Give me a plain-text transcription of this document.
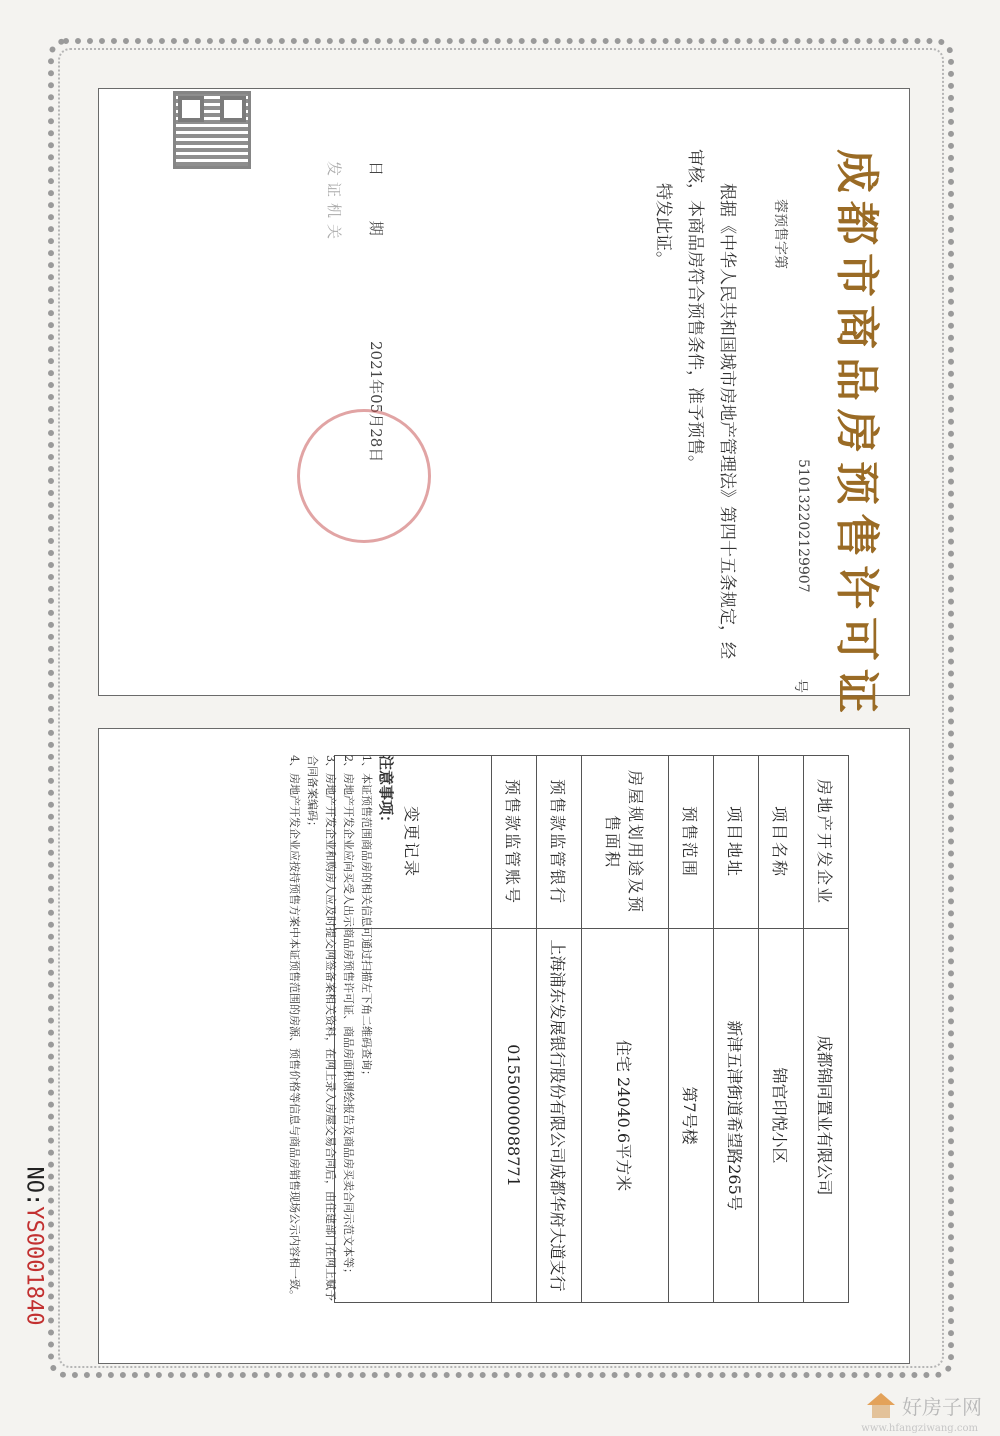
成都市商品房预售许可证
蓉预售字第
510132202129907
号
根据《中华人民共和国城市房地产管理法》第四十五条规定，经审核，本商品房符合预售条件，准予预售。
特发此证。
日 期
2021年05月28日
发证机关
房地产开发企业	成都锦同置业有限公司
项目名称	锦官印悦小区
项目地址	新津五津街道希望路265号
预售范围	第7号楼
房屋规划用途及预售面积	住宅 24040.6平方米
预售款监管银行	上海浦东发展银行股份有限公司成都华府大道支行
预售款监管账号	01550000088771
变更记录	
注意事项：
1、本证预售范围商品房的相关信息可通过扫描左下角二维码查询；
2、房地产开发企业应向买受人出示商品房预售许可证、商品房面积测绘报告及商品房买卖合同示范文本等；
3、房地产开发企业和购房人应及时提交网签备案相关资料，在网上录入房屋交易合同后，由住建部门在网上赋予合同备案编码；
4、房地产开发企业应按持预售方案中本证预售范围的房源、预售价格等信息与商品房销售现场公示内容相一致。
NO:YS0001840
好房子网
www.hfangziwang.com
